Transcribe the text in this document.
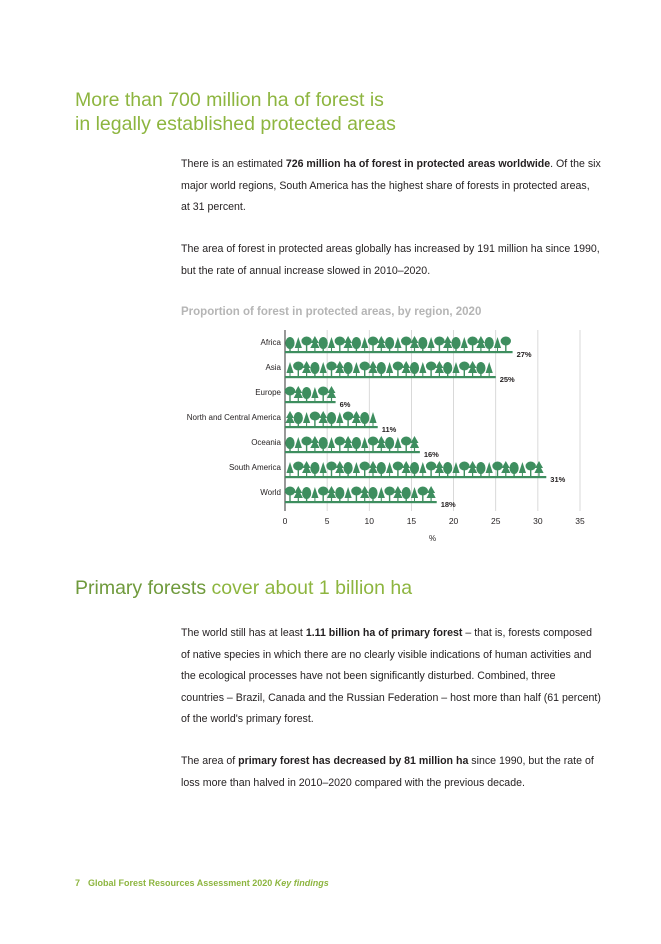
More than 700 million ha of forest is
in legally established protected areas

There is an estimated 726 million ha of forest in protected areas worldwide. Of the six major world regions, South America has the highest share of forests in protected areas, at 31 percent.

The area of forest in protected areas globally has increased by 191 million ha since 1990, but the rate of annual increase slowed in 2010–2020.

Proportion of forest in protected areas, by region, 2020

0	5	10	15	20	25	30	35
%
Africa
27%
Asia
25%
Europe
6%
North and Central America
11%
Oceania
16%
South America
31%
World
18%
Primary forests cover about 1 billion ha

The world still has at least 1.11 billion ha of primary forest – that is, forests composed of native species in which there are no clearly visible indications of human activities and the ecological processes have not been significantly disturbed. Combined, three countries – Brazil, Canada and the Russian Federation – host more than half (61 percent) of the world's primary forest.

The area of primary forest has decreased by 81 million ha since 1990, but the rate of loss more than halved in 2010–2020 compared with the previous decade.

7 Global Forest Resources Assessment 2020 Key findings
